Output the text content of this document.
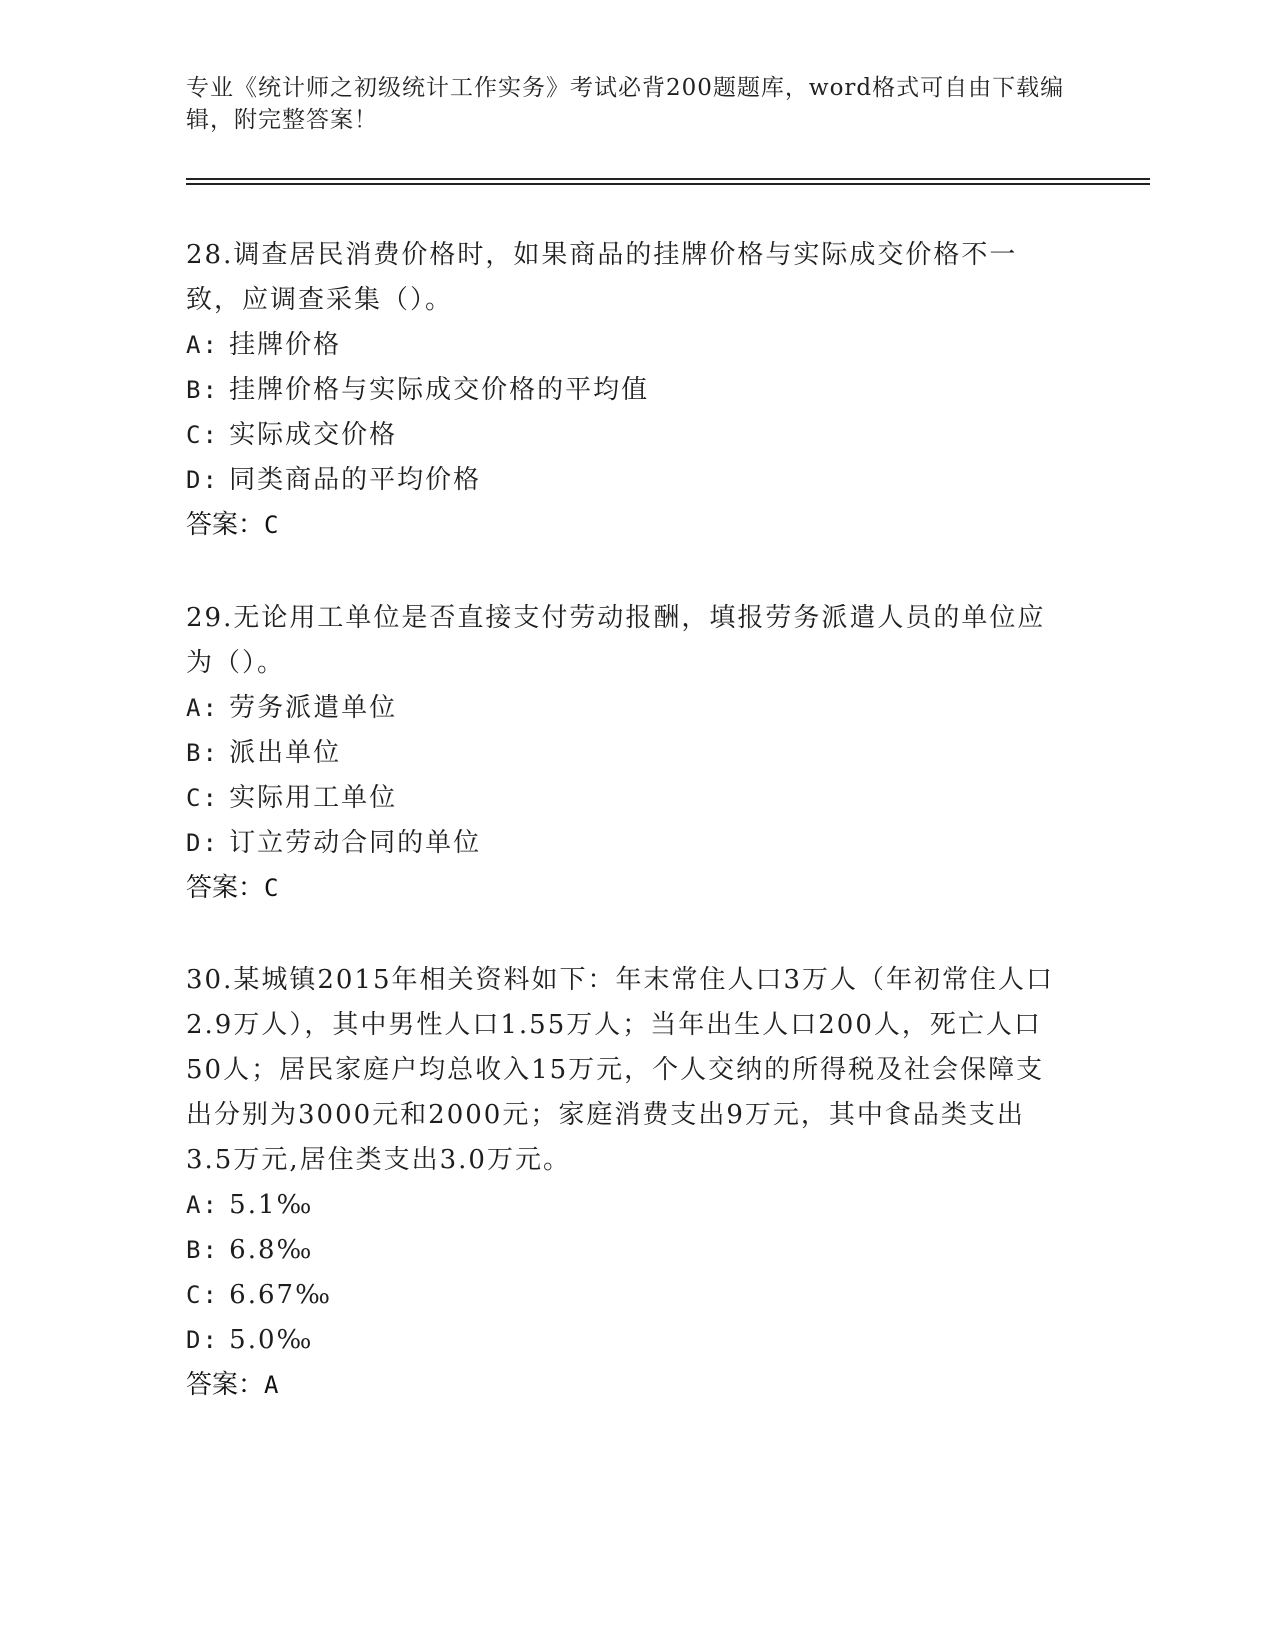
专业《统计师之初级统计工作实务》考试必背200题题库，word格式可自由下载编辑，附完整答案！
28.调查居民消费价格时，如果商品的挂牌价格与实际成交价格不一致，应调查采集（）。
A: 挂牌价格
B: 挂牌价格与实际成交价格的平均值
C: 实际成交价格
D: 同类商品的平均价格
答案：C
29.无论用工单位是否直接支付劳动报酬，填报劳务派遣人员的单位应为（）。
A: 劳务派遣单位
B: 派出单位
C: 实际用工单位
D: 订立劳动合同的单位
答案：C
30.某城镇2015年相关资料如下：年末常住人口3万人（年初常住人口2.9万人），其中男性人口1.55万人；当年出生人口200人，死亡人口50人；居民家庭户均总收入15万元，个人交纳的所得税及社会保障支出分别为3000元和2000元；家庭消费支出9万元，其中食品类支出3.5万元,居住类支出3.0万元。
A: 5.1‰
B: 6.8‰
C: 6.67‰
D: 5.0‰
答案：A
